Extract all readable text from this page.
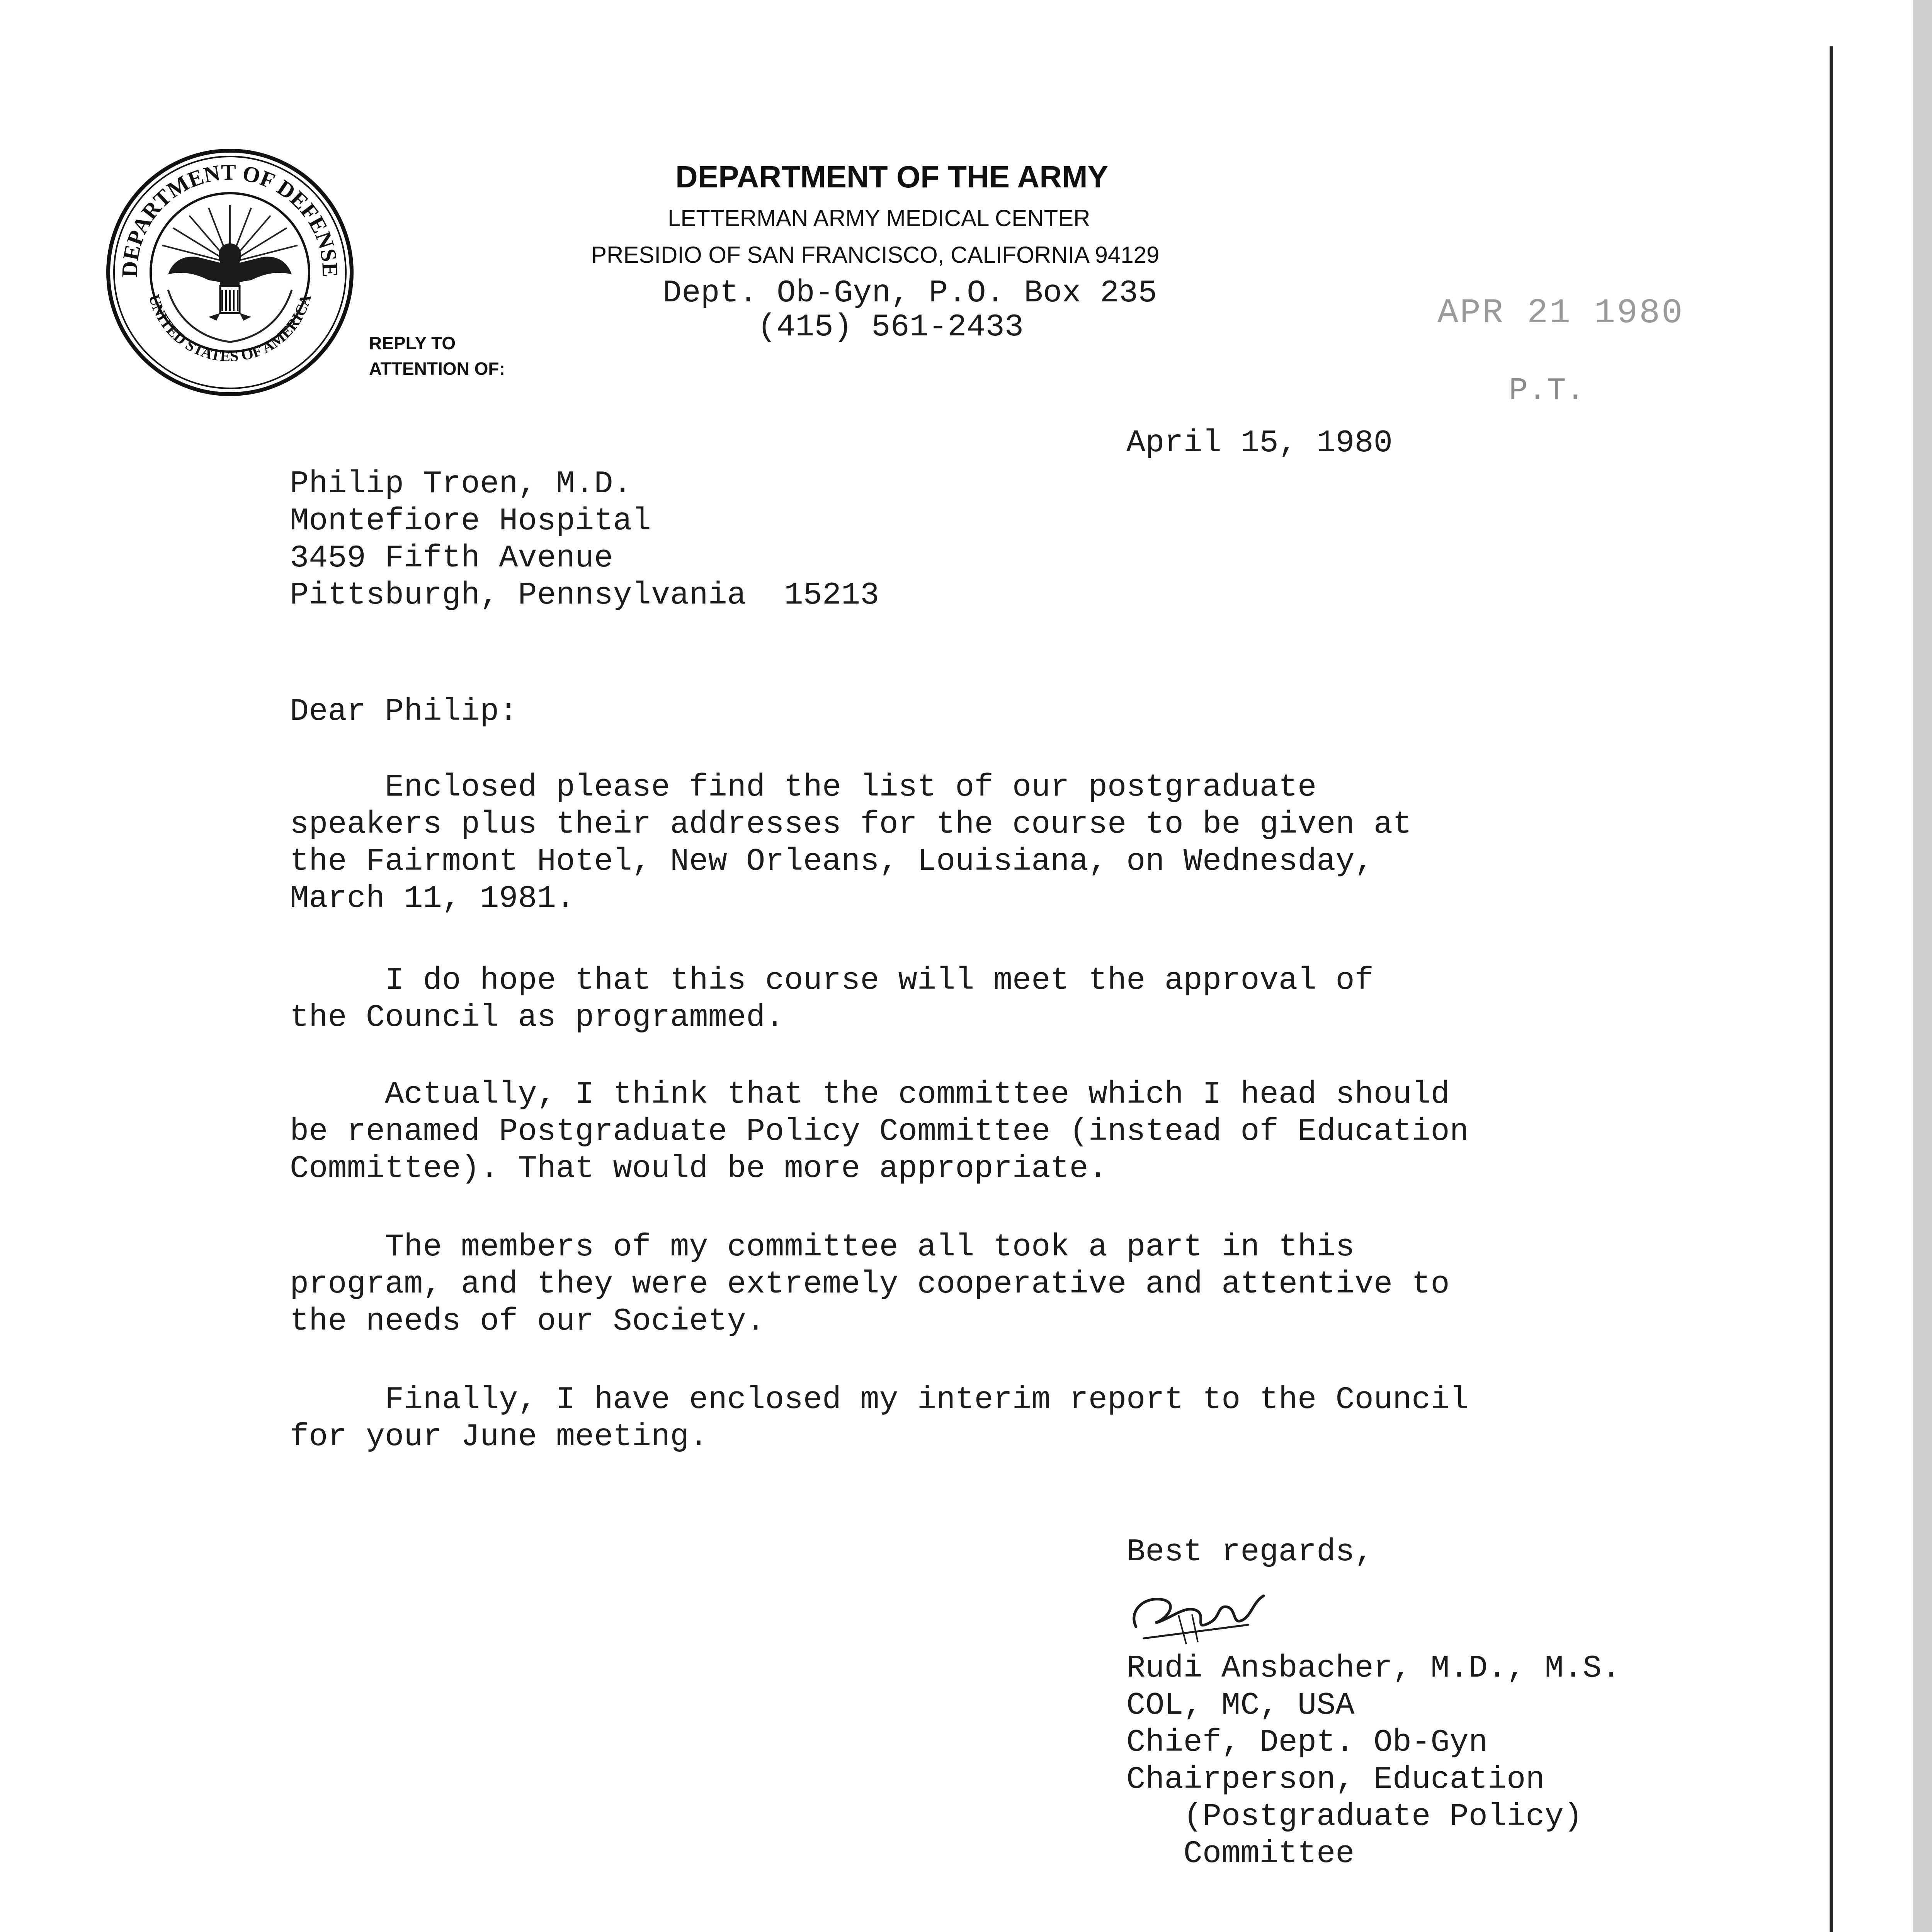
DEPARTMENT OF DEFENSE
UNITED STATES OF AMERICA
DEPARTMENT OF THE ARMY
LETTERMAN ARMY MEDICAL CENTER
PRESIDIO OF SAN FRANCISCO, CALIFORNIA 94129
REPLY TO
ATTENTION OF:
Dept. Ob-Gyn, P.O. Box 235
(415) 561-2433	APR 21 1980
P.T.
April 15, 1980
Philip Troen, M.D.
Montefiore Hospital
3459 Fifth Avenue
Pittsburgh, Pennsylvania  15213
Dear Philip:
Enclosed please find the list of our postgraduate
speakers plus their addresses for the course to be given at
the Fairmont Hotel, New Orleans, Louisiana, on Wednesday,
March 11, 1981.
I do hope that this course will meet the approval of
the Council as programmed.
Actually, I think that the committee which I head should
be renamed Postgraduate Policy Committee (instead of Education
Committee). That would be more appropriate.
The members of my committee all took a part in this
program, and they were extremely cooperative and attentive to
the needs of our Society.
Finally, I have enclosed my interim report to the Council
for your June meeting.
Best regards,
Rudi Ansbacher, M.D., M.S.
COL, MC, USA
Chief, Dept. Ob-Gyn
Chairperson, Education
(Postgraduate Policy)
Committee
